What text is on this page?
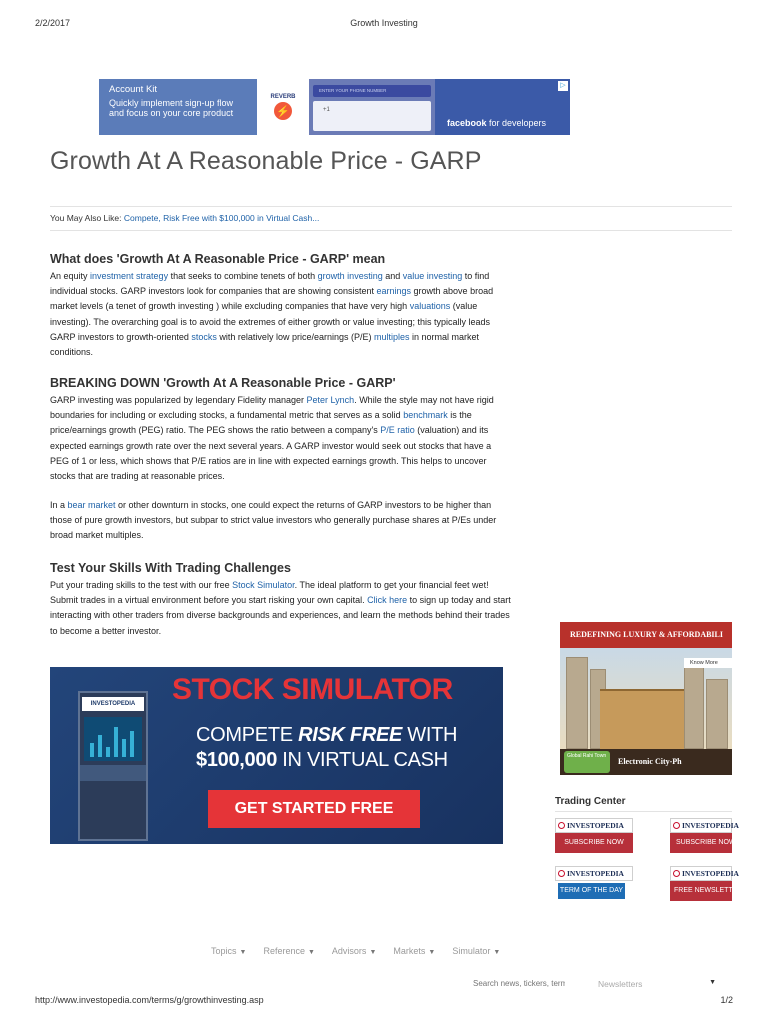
2/2/2017	Growth Investing
Account Kit
Quickly implement sign-up flow and focus on your core product
REVERB
⚡
ENTER YOUR PHONE NUMBER
+1
▷
facebook for developers
Growth At A Reasonable Price - GARP
You May Also Like: Compete, Risk Free with $100,000 in Virtual Cash...
What does 'Growth At A Reasonable Price - GARP' mean

An equity investment strategy that seeks to combine tenets of both growth investing and value investing to find individual stocks. GARP investors look for companies that are showing consistent earnings growth above broad market levels (a tenet of growth investing ) while excluding companies that have very high valuations (value investing). The overarching goal is to avoid the extremes of either growth or value investing; this typically leads GARP investors to growth-oriented stocks with relatively low price/earnings (P/E) multiples in normal market conditions.

BREAKING DOWN 'Growth At A Reasonable Price - GARP'

GARP investing was popularized by legendary Fidelity manager Peter Lynch. While the style may not have rigid boundaries for including or excluding stocks, a fundamental metric that serves as a solid benchmark is the price/earnings growth (PEG) ratio. The PEG shows the ratio between a company's P/E ratio (valuation) and its expected earnings growth rate over the next several years. A GARP investor would seek out stocks that have a PEG of 1 or less, which shows that P/E ratios are in line with expected earnings growth. This helps to uncover stocks that are trading at reasonable prices.

In a bear market or other downturn in stocks, one could expect the returns of GARP investors to be higher than those of pure growth investors, but subpar to strict value investors who generally purchase shares at P/Es under broad market multiples.

Test Your Skills With Trading Challenges

Put your trading skills to the test with our free Stock Simulator. The ideal platform to get your financial feet wet! Submit trades in a virtual environment before you start risking your own capital. Click here to sign up today and start interacting with other traders from diverse backgrounds and experiences, and learn the methods behind their trades to become a better investor.

INVESTOPEDIA STOCK SIMULATOR
COMPETE RISK FREE WITH
$100,000 IN VIRTUAL CASH
GET STARTED FREE
REDEFINING LUXURY & AFFORDABILI
Know More
Global Rahi Town
Electronic City-Ph
Trading Center
INVESTOPEDIA
SUBSCRIBE NOW
INVESTOPEDIA
SUBSCRIBE NOW
INVESTOPEDIA
TERM OF THE DAY
INVESTOPEDIA
FREE NEWSLETTERS
Topics ▼ Reference ▼ Advisors ▼ Markets ▼ Simulator ▼
Search news, tickers, terms
Newsletters	▼
http://www.investopedia.com/terms/g/growthinvesting.asp	1/2
